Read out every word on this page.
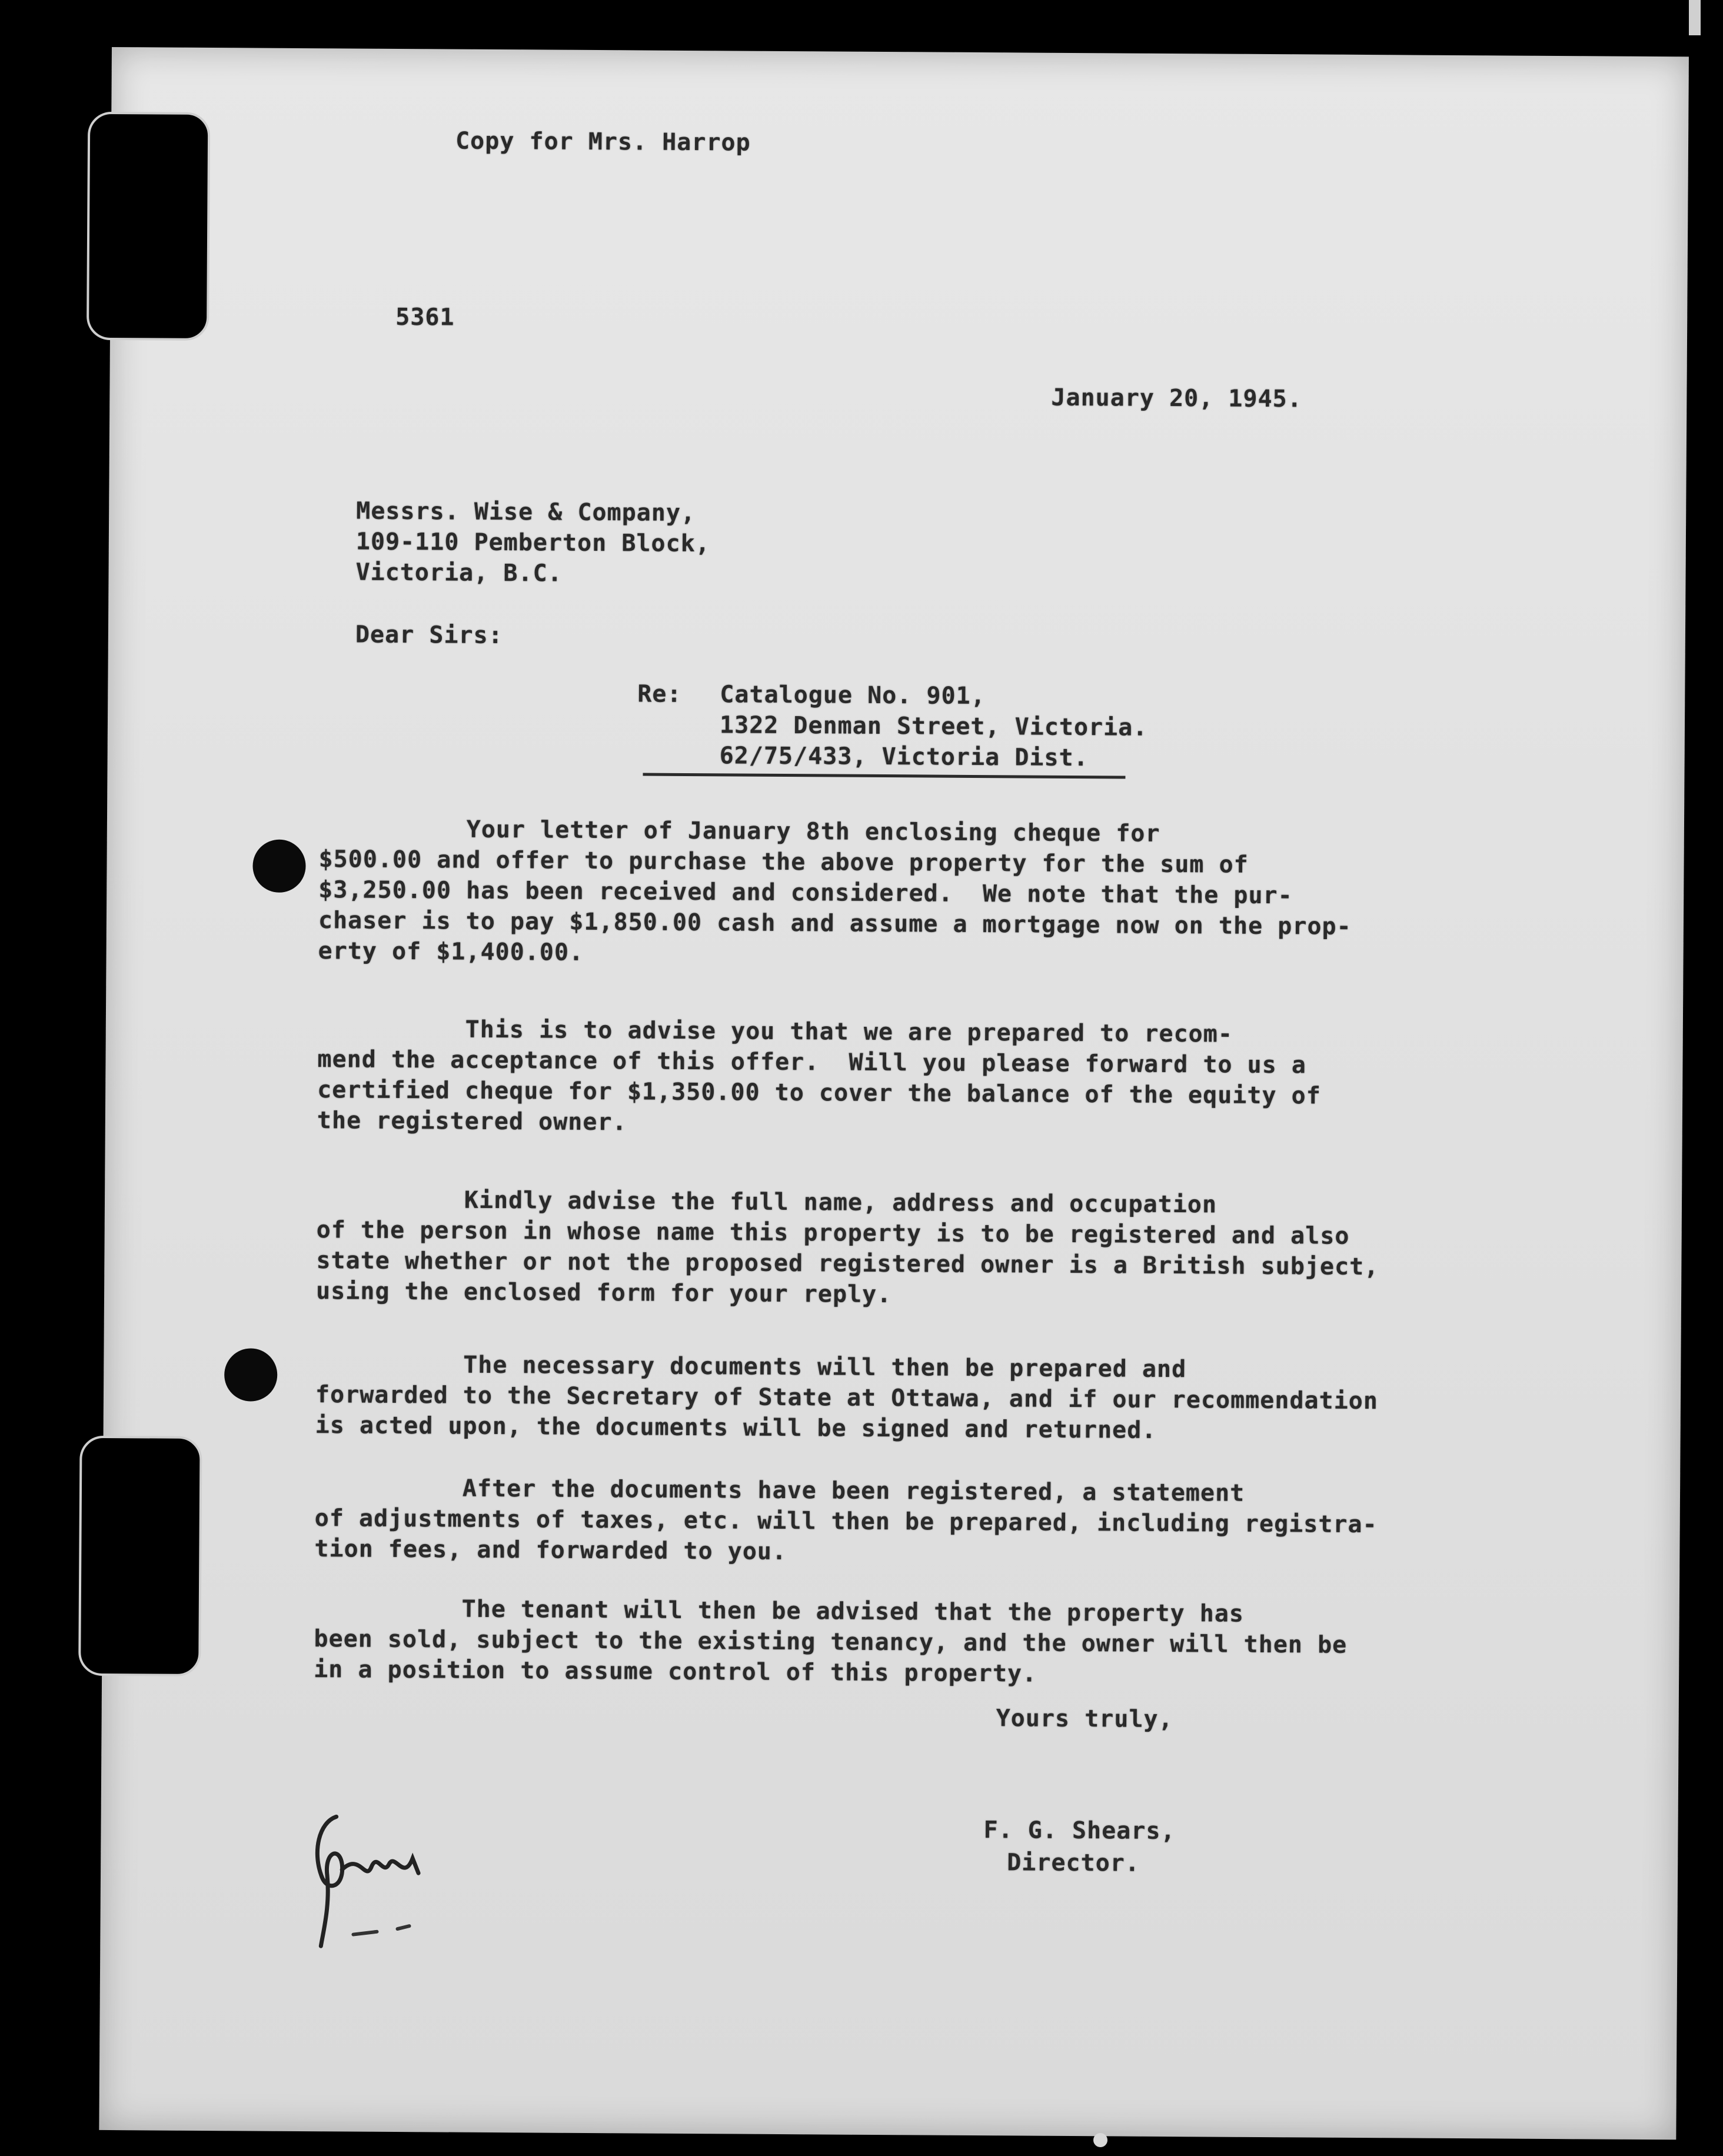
Copy for Mrs. Harrop
5361
January 20, 1945.
Messrs. Wise & Company,
109-110 Pemberton Block,
Victoria, B.C.
Dear Sirs:
Re: Catalogue No. 901,
1322 Denman Street, Victoria.
62/75/433, Victoria Dist.
Your letter of January 8th enclosing cheque for
$500.00 and offer to purchase the above property for the sum of
$3,250.00 has been received and considered.  We note that the pur-
chaser is to pay $1,850.00 cash and assume a mortgage now on the prop-
erty of $1,400.00.
This is to advise you that we are prepared to recom-
mend the acceptance of this offer.  Will you please forward to us a
certified cheque for $1,350.00 to cover the balance of the equity of
the registered owner.
Kindly advise the full name, address and occupation
of the person in whose name this property is to be registered and also
state whether or not the proposed registered owner is a British subject,
using the enclosed form for your reply.
The necessary documents will then be prepared and
forwarded to the Secretary of State at Ottawa, and if our recommendation
is acted upon, the documents will be signed and returned.
After the documents have been registered, a statement
of adjustments of taxes, etc. will then be prepared, including registra-
tion fees, and forwarded to you.
The tenant will then be advised that the property has
been sold, subject to the existing tenancy, and the owner will then be
in a position to assume control of this property.
Yours truly,
F. G. Shears,
Director.
